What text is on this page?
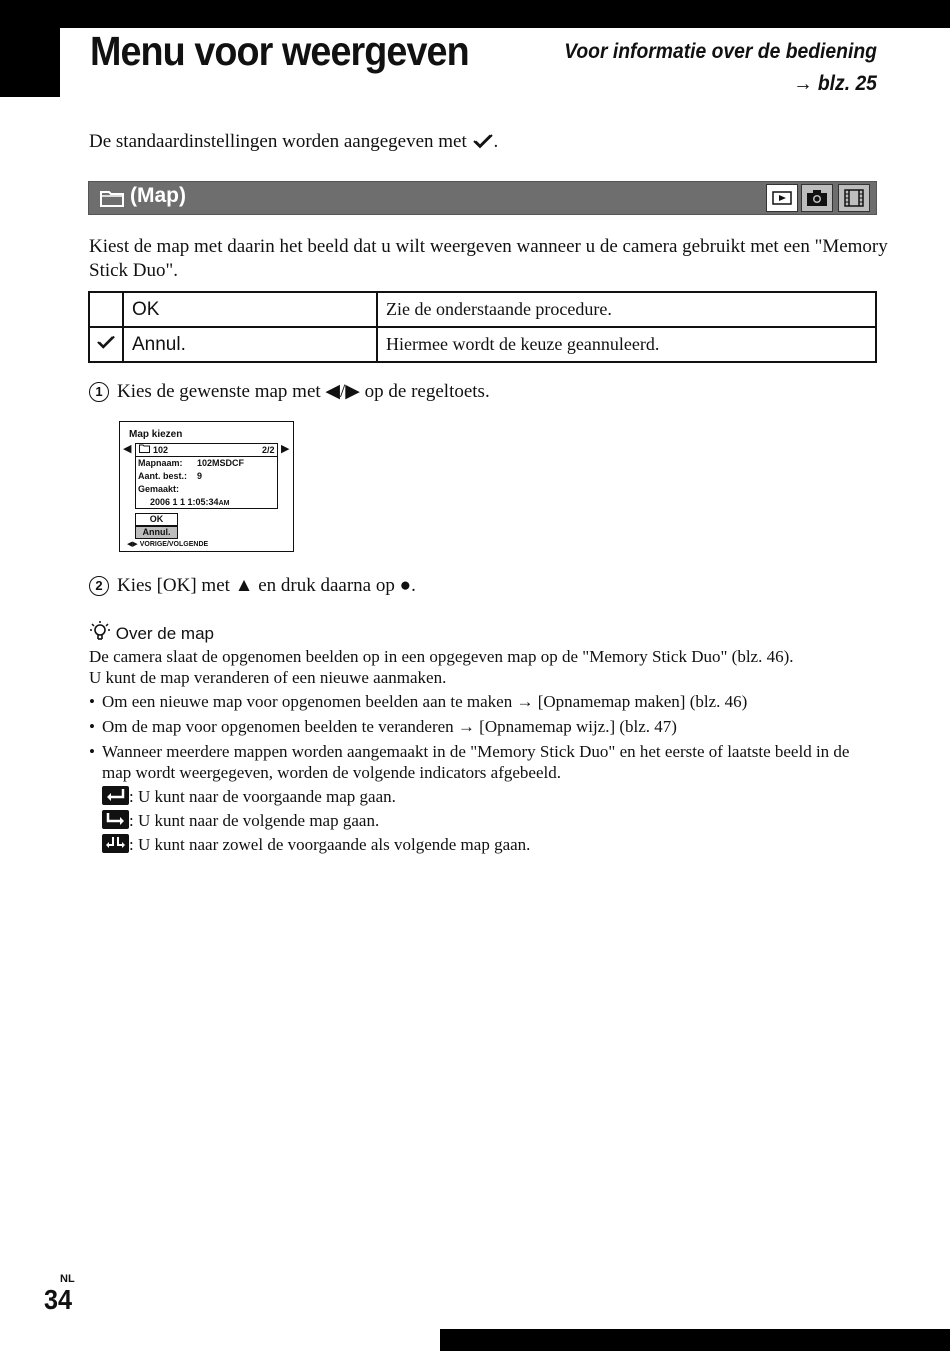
Menu voor weergeven	Voor informatie over de bediening
→ blz. 25
De standaardinstellingen worden aangegeven met .
(Map)
Kiest de map met daarin het beeld dat u wilt weergeven wanneer u de camera gebruikt met een "Memory Stick Duo".
	OK	Zie de onderstaande procedure.
	Annul.	Hiermee wordt de keuze geannuleerd.
1 Kies de gewenste map met ◀/▶ op de regeltoets.
Map kiezen
◀	▶
102	2/2
Mapnaam: 102MSDCF
Aant. best.: 9
Gemaakt:
2006 1 1 1:05:34AM
OK
Annul.
◀▶ VORIGE/VOLGENDE
2 Kies [OK] met ▲ en druk daarna op ●.
Over de map
De camera slaat de opgenomen beelden op in een opgegeven map op de "Memory Stick Duo" (blz. 46).
U kunt de map veranderen of een nieuwe aanmaken.
• Om een nieuwe map voor opgenomen beelden aan te maken → [Opnamemap maken] (blz. 46)
• Om de map voor opgenomen beelden te veranderen → [Opnamemap wijz.] (blz. 47)
• Wanneer meerdere mappen worden aangemaakt in de "Memory Stick Duo" en het eerste of laatste beeld in de map wordt weergegeven, worden de volgende indicators afgebeeld.
: U kunt naar de voorgaande map gaan.
: U kunt naar de volgende map gaan.
: U kunt naar zowel de voorgaande als volgende map gaan.
NL
34
